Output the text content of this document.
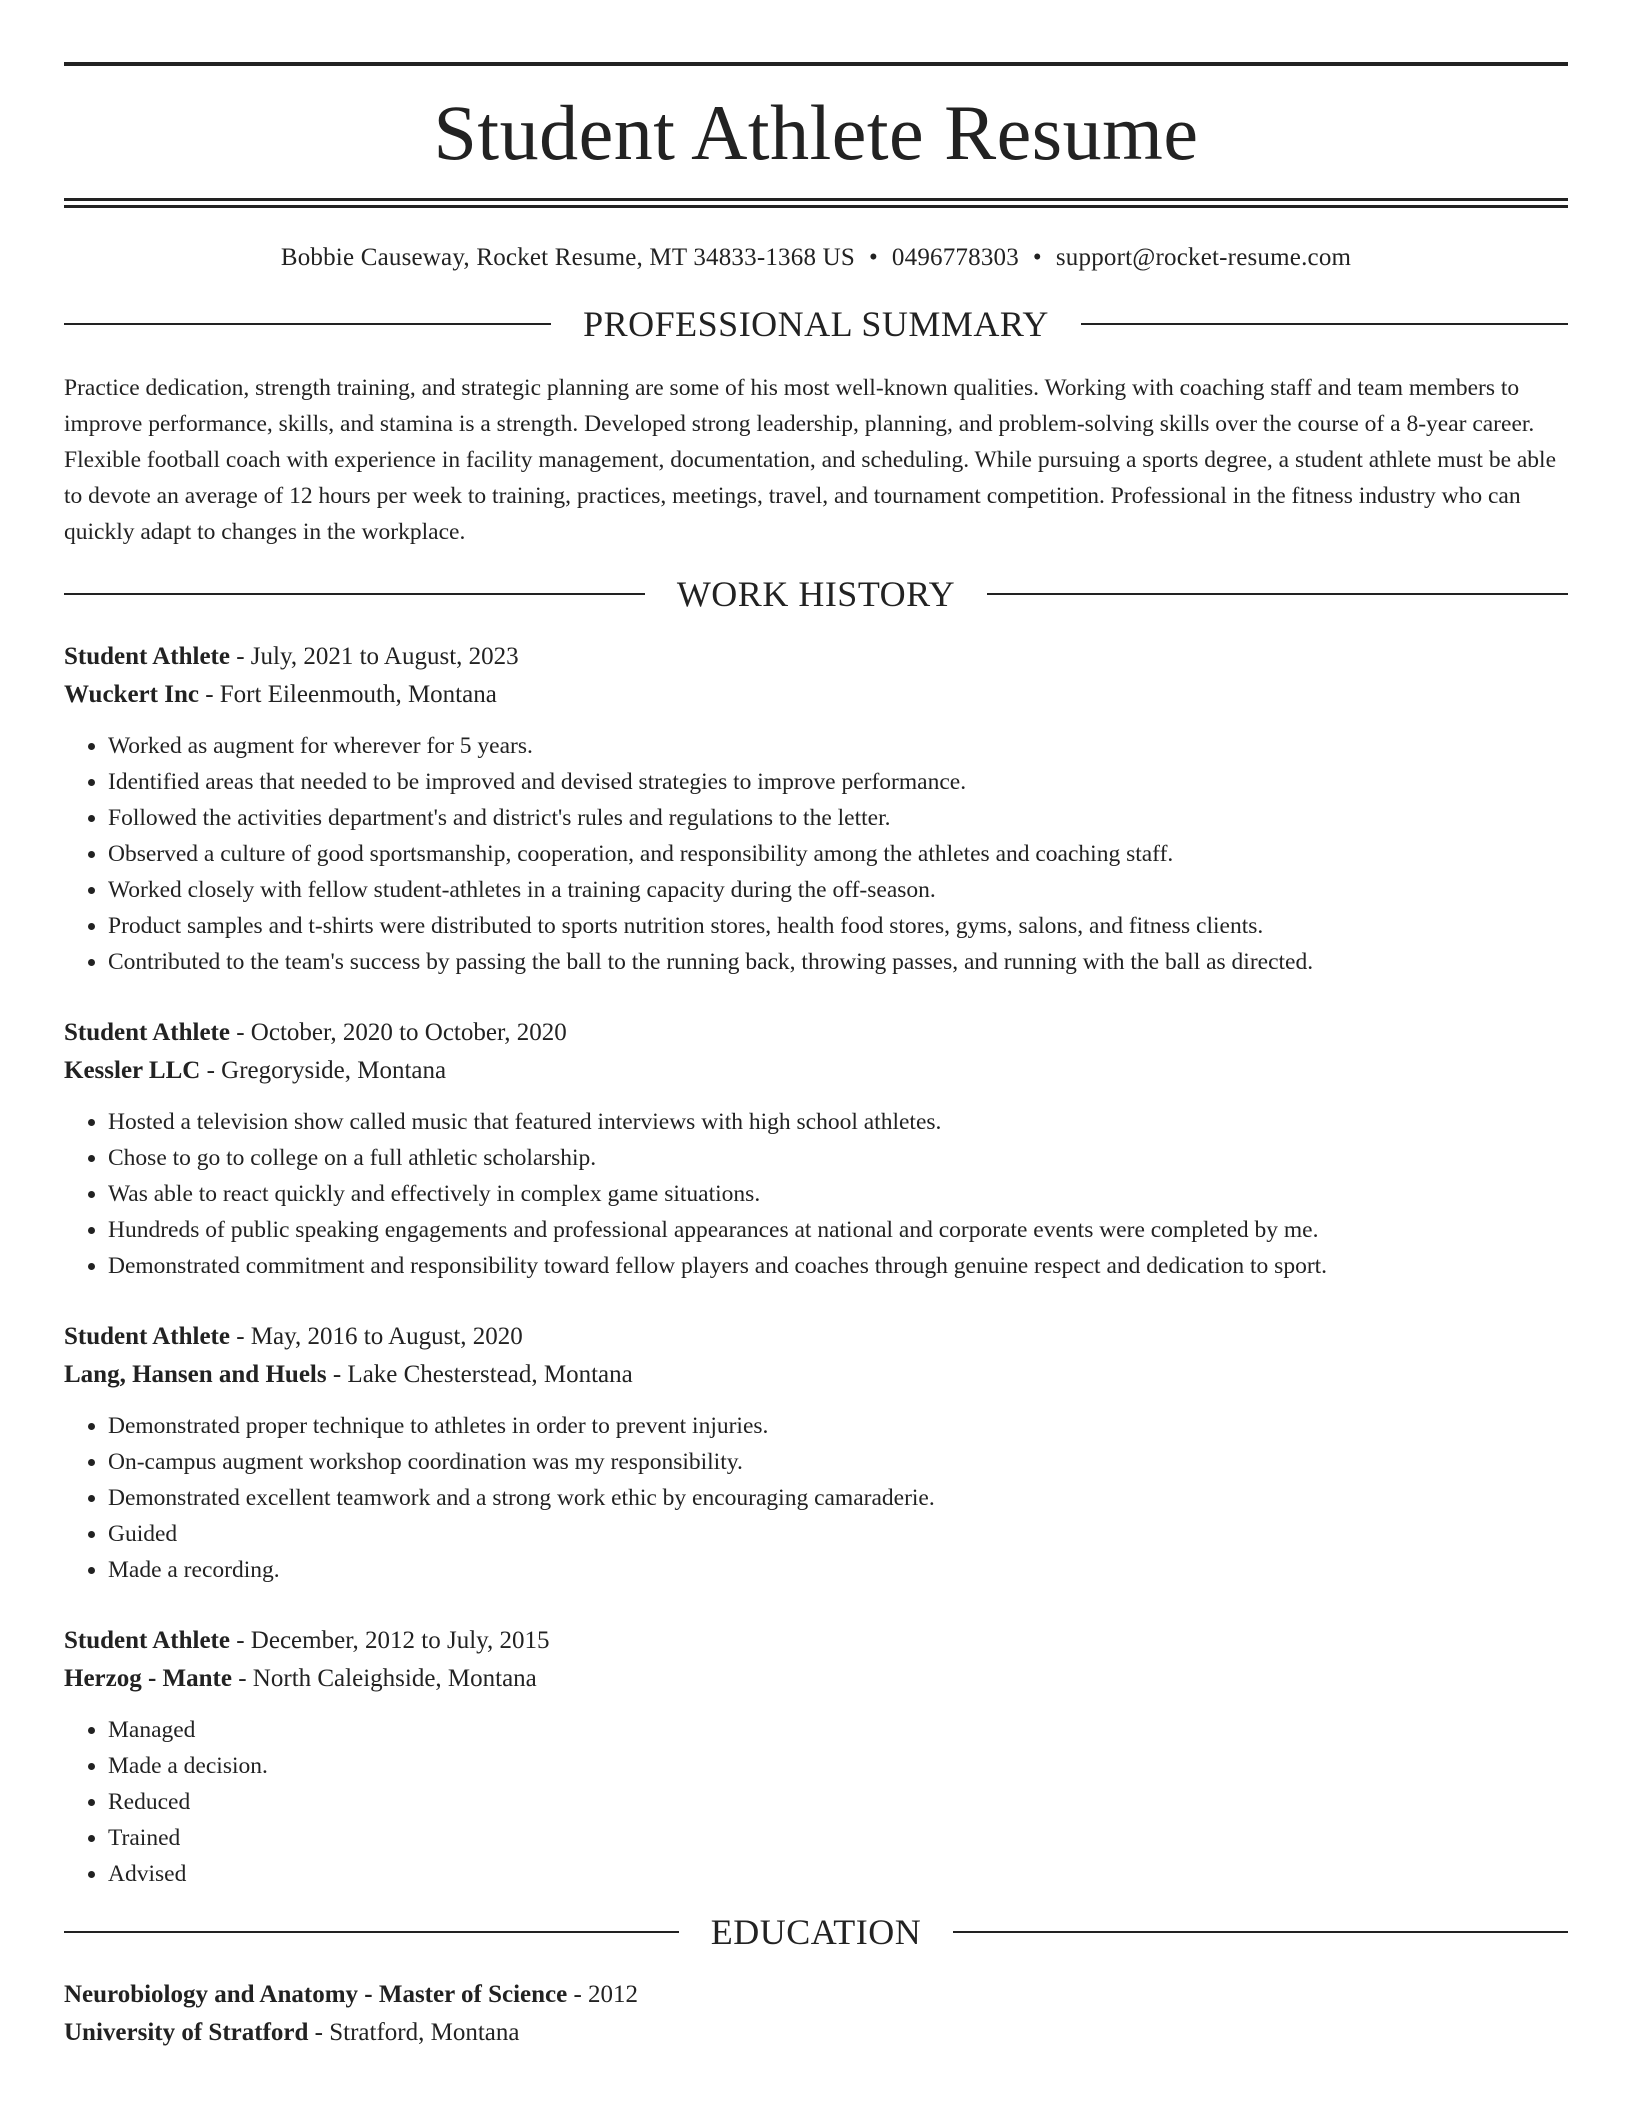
Student Athlete Resume
Bobbie Causeway, Rocket Resume, MT 34833-1368 US • 0496778303 • support@rocket-resume.com
PROFESSIONAL SUMMARY

Practice dedication, strength training, and strategic planning are some of his most well-known qualities. Working with coaching staff and team members to improve performance, skills, and stamina is a strength. Developed strong leadership, planning, and problem-solving skills over the course of a 8-year career. Flexible football coach with experience in facility management, documentation, and scheduling. While pursuing a sports degree, a student athlete must be able to devote an average of 12 hours per week to training, practices, meetings, travel, and tournament competition. Professional in the fitness industry who can quickly adapt to changes in the workplace.

WORK HISTORY
Student Athlete - July, 2021 to August, 2023
Wuckert Inc - Fort Eileenmouth, Montana
• Worked as augment for wherever for 5 years.
• Identified areas that needed to be improved and devised strategies to improve performance.
• Followed the activities department's and district's rules and regulations to the letter.
• Observed a culture of good sportsmanship, cooperation, and responsibility among the athletes and coaching staff.
• Worked closely with fellow student-athletes in a training capacity during the off-season.
• Product samples and t-shirts were distributed to sports nutrition stores, health food stores, gyms, salons, and fitness clients.
• Contributed to the team's success by passing the ball to the running back, throwing passes, and running with the ball as directed.
Student Athlete - October, 2020 to October, 2020
Kessler LLC - Gregoryside, Montana
• Hosted a television show called music that featured interviews with high school athletes.
• Chose to go to college on a full athletic scholarship.
• Was able to react quickly and effectively in complex game situations.
• Hundreds of public speaking engagements and professional appearances at national and corporate events were completed by me.
• Demonstrated commitment and responsibility toward fellow players and coaches through genuine respect and dedication to sport.
Student Athlete - May, 2016 to August, 2020
Lang, Hansen and Huels - Lake Chesterstead, Montana
• Demonstrated proper technique to athletes in order to prevent injuries.
• On-campus augment workshop coordination was my responsibility.
• Demonstrated excellent teamwork and a strong work ethic by encouraging camaraderie.
• Guided
• Made a recording.
Student Athlete - December, 2012 to July, 2015
Herzog - Mante - North Caleighside, Montana
• Managed
• Made a decision.
• Reduced
• Trained
• Advised
EDUCATION
Neurobiology and Anatomy - Master of Science - 2012
University of Stratford - Stratford, Montana
